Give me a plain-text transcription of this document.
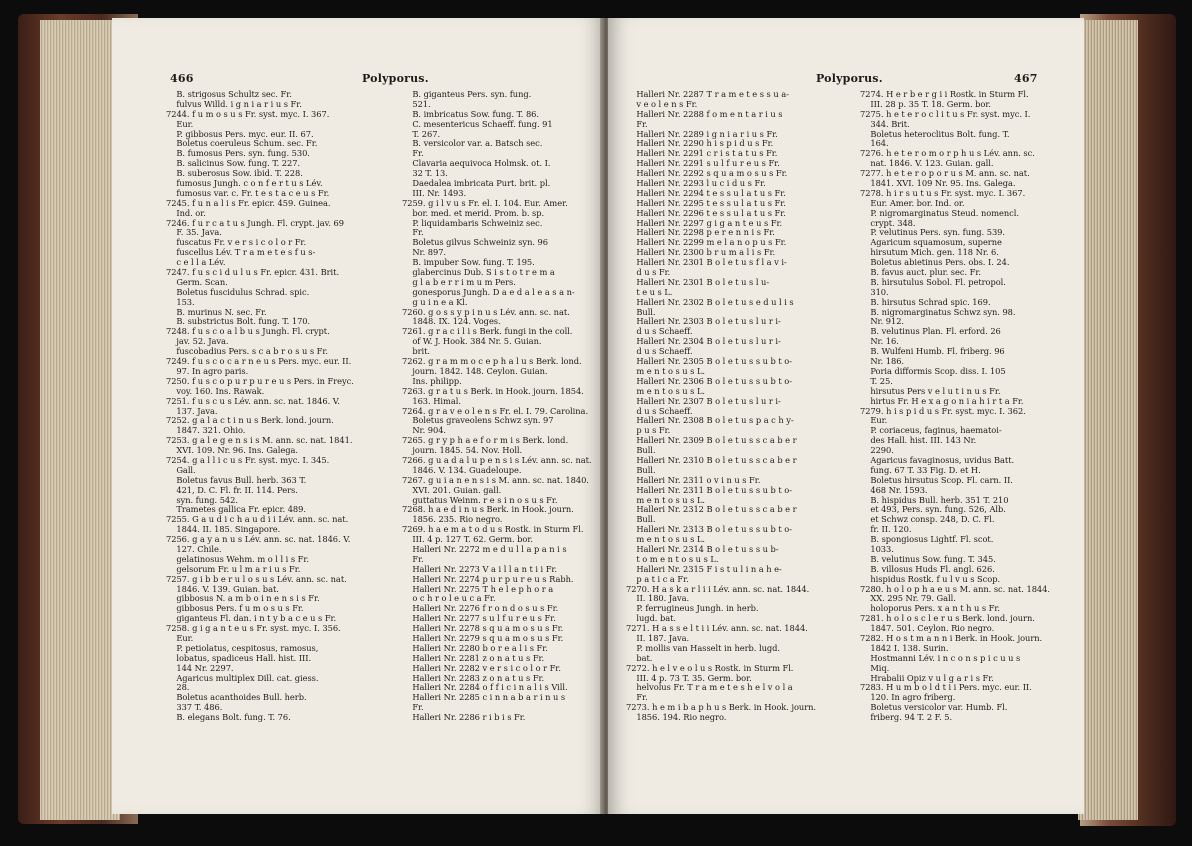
466	Polyporus.
B. strigosus Schultz sec. Fr.
fulvus Willd. i g n i a r i u s Fr.
7244. f u m o s u s Fr. syst. myc. I. 367.
Eur.
P. gibbosus Pers. myc. eur. II. 67.
Boletus coeruleus Schum. sec. Fr.
B. fumosus Pers. syn. fung. 530.
B. salicinus Sow. fung. T. 227.
B. suberosus Sow. ibid. T. 228.
fumosus Jungh. c o n f e r t u s Lév.
fumosus var. c. Fr. t e s t a c e u s Fr.
7245. f u n a l i s Fr. epicr. 459. Guinea.
Ind. or.
7246. f u r c a t u s Jungh. Fl. crypt. jav. 69
F. 35. Java.
fuscatus Fr. v e r s i c o l o r Fr.
fuscellus Lév. T r a m e t e s f u s-
c e l l a Lév.
7247. f u s c i d u l u s Fr. epicr. 431. Brit.
Germ. Scan.
Boletus fuscidulus Schrad. spic.
153.
B. murinus N. sec. Fr.
B. substrictus Bolt. fung. T. 170.
7248. f u s c o a l b u s Jungh. Fl. crypt.
jav. 52. Java.
fuscobadius Pers. s c a b r o s u s Fr.
7249. f u s c o c a r n e u s Pers. myc. eur. II.
97. In agro paris.
7250. f u s c o p u r p u r e u s Pers. in Freyc.
voy. 160. Ins. Rawak.
7251. f u s c u s Lév. ann. sc. nat. 1846. V.
137. Java.
7252. g a l a c t i n u s Berk. lond. journ.
1847. 321. Ohio.
7253. g a l e g e n s i s M. ann. sc. nat. 1841.
XVI. 109. Nr. 96. Ins. Galega.
7254. g a l l i c u s Fr. syst. myc. I. 345.
Gall.
Boletus favus Bull. herb. 363 T.
421, D. C. Fl. fr. II. 114. Pers.
syn. fung. 542.
Trametes gallica Fr. epicr. 489.
7255. G a u d i c h a u d i i Lév. ann. sc. nat.
1844. II. 185. Singapore.
7256. g a y a n u s Lév. ann. sc. nat. 1846. V.
127. Chile.
gelatinosus Wehm. m o l l i s Fr.
gelsorum Fr. u l m a r i u s Fr.
7257. g i b b e r u l o s u s Lév. ann. sc. nat.
1846. V. 139. Guian. bat.
gibbosus N. a m b o i n e n s i s Fr.
gibbosus Pers. f u m o s u s Fr.
giganteus Fl. dan. i n t y b a c e u s Fr.
7258. g i g a n t e u s Fr. syst. myc. I. 356.
Eur.
P. petiolatus, cespitosus, ramosus,
lobatus, spadiceus Hall. hist. III.
144 Nr. 2297.
Agaricus multiplex Dill. cat. giess.
28.
Boletus acanthoides Bull. herb.
337 T. 486.
B. elegans Bolt. fung. T. 76.
B. giganteus Pers. syn. fung.
521.
B. imbricatus Sow. fung. T. 86.
C. mesentericus Schaeff. fung. 91
T. 267.
B. versicolor var. a. Batsch sec.
Fr.
Clavaria aequivoca Holmsk. ot. I.
32 T. 13.
Daedalea imbricata Purt. brit. pl.
III. Nr. 1493.
7259. g i l v u s Fr. el. I. 104. Eur. Amer.
bor. med. et merid. Prom. b. sp.
P. liquidambaris Schweiniz sec.
Fr.
Boletus gilvus Schweiniz syn. 96
Nr. 897.
B. impuber Sow. fung. T. 195.
glabercinus Dub. S i s t o t r e m a
g l a b e r r i m u m Pers.
gonesporus Jungh. D a e d a l e a s a n-
g u i n e a Kl.
7260. g o s s y p i n u s Lév. ann. sc. nat.
1848. IX. 124. Voges.
7261. g r a c i l i s Berk. fungi in the coll.
of W. J. Hook. 384 Nr. 5. Guian.
brit.
7262. g r a m m o c e p h a l u s Berk. lond.
journ. 1842. 148. Ceylon. Guian.
Ins. philipp.
7263. g r a t u s Berk. in Hook. journ. 1854.
163. Himal.
7264. g r a v e o l e n s Fr. el. I. 79. Carolina.
Boletus graveolens Schwz syn. 97
Nr. 904.
7265. g r y p h a e f o r m i s Berk. lond.
journ. 1845. 54. Nov. Holl.
7266. g u a d a l u p e n s i s Lév. ann. sc. nat.
1846. V. 134. Guadeloupe.
7267. g u i a n e n s i s M. ann. sc. nat. 1840.
XVI. 201. Guian. gall.
guttatus Weinm. r e s i n o s u s Fr.
7268. h a e d i n u s Berk. in Hook. journ.
1856. 235. Rio negro.
7269. h a e m a t o d u s Rostk. in Sturm Fl.
III. 4 p. 127 T. 62. Germ. bor.
Halleri Nr. 2272 m e d u l l a p a n i s
Fr.
Halleri Nr. 2273 V a i l l a n t i i Fr.
Halleri Nr. 2274 p u r p u r e u s Rabh.
Halleri Nr. 2275 T h e l e p h o r a
o c h r o l e u c a Fr.
Halleri Nr. 2276 f r o n d o s u s Fr.
Halleri Nr. 2277 s u l f u r e u s Fr.
Halleri Nr. 2278 s q u a m o s u s Fr.
Halleri Nr. 2279 s q u a m o s u s Fr.
Halleri Nr. 2280 b o r e a l i s Fr.
Halleri Nr. 2281 z o n a t u s Fr.
Halleri Nr. 2282 v e r s i c o l o r Fr.
Halleri Nr. 2283 z o n a t u s Fr.
Halleri Nr. 2284 o f f i c i n a l i s Vill.
Halleri Nr. 2285 c i n n a b a r i n u s
Fr.
Halleri Nr. 2286 r i b i s Fr.
Polyporus.	467
Halleri Nr. 2287 T r a m e t e s s u a-
v e o l e n s Fr.
Halleri Nr. 2288 f o m e n t a r i u s
Fr.
Halleri Nr. 2289 i g n i a r i u s Fr.
Halleri Nr. 2290 h i s p i d u s Fr.
Halleri Nr. 2291 c r i s t a t u s Fr.
Halleri Nr. 2291 s u l f u r e u s Fr.
Halleri Nr. 2292 s q u a m o s u s Fr.
Halleri Nr. 2293 l u c i d u s Fr.
Halleri Nr. 2294 t e s s u l a t u s Fr.
Halleri Nr. 2295 t e s s u l a t u s Fr.
Halleri Nr. 2296 t e s s u l a t u s Fr.
Halleri Nr. 2297 g i g a n t e u s Fr.
Halleri Nr. 2298 p e r e n n i s Fr.
Halleri Nr. 2299 m e l a n o p u s Fr.
Halleri Nr. 2300 b r u m a l i s Fr.
Halleri Nr. 2301 B o l e t u s f l a v i-
d u s Fr.
Halleri Nr. 2301 B o l e t u s l u-
t e u s L.
Halleri Nr. 2302 B o l e t u s e d u l i s
Bull.
Halleri Nr. 2303 B o l e t u s l u r i-
d u s Schaeff.
Halleri Nr. 2304 B o l e t u s l u r i-
d u s Schaeff.
Halleri Nr. 2305 B o l e t u s s u b t o-
m e n t o s u s L.
Halleri Nr. 2306 B o l e t u s s u b t o-
m e n t o s u s L.
Halleri Nr. 2307 B o l e t u s l u r i-
d u s Schaeff.
Halleri Nr. 2308 B o l e t u s p a c h y-
p u s Fr.
Halleri Nr. 2309 B o l e t u s s c a b e r
Bull.
Halleri Nr. 2310 B o l e t u s s c a b e r
Bull.
Halleri Nr. 2311 o v i n u s Fr.
Halleri Nr. 2311 B o l e t u s s u b t o-
m e n t o s u s L.
Halleri Nr. 2312 B o l e t u s s c a b e r
Bull.
Halleri Nr. 2313 B o l e t u s s u b t o-
m e n t o s u s L.
Halleri Nr. 2314 B o l e t u s s u b-
t o m e n t o s u s L.
Halleri Nr. 2315 F i s t u l i n a h e-
p a t i c a Fr.
7270. H a s k a r l i i Lév. ann. sc. nat. 1844.
II. 180. Java.
P. ferrugineus Jungh. in herb.
lugd. bat.
7271. H a s s e l t i i Lév. ann. sc. nat. 1844.
II. 187. Java.
P. mollis van Hasselt in herb. lugd.
bat.
7272. h e l v e o l u s Rostk. in Sturm Fl.
III. 4 p. 73 T. 35. Germ. bor.
helvolus Fr. T r a m e t e s h e l v o l a
Fr.
7273. h e m i b a p h u s Berk. in Hook. journ.
1856. 194. Rio negro.
7274. H e r b e r g i i Rostk. in Sturm Fl.
III. 28 p. 35 T. 18. Germ. bor.
7275. h e t e r o c l i t u s Fr. syst. myc. I.
344. Brit.
Boletus heteroclitus Bolt. fung. T.
164.
7276. h e t e r o m o r p h u s Lév. ann. sc.
nat. 1846. V. 123. Guian. gall.
7277. h e t e r o p o r u s M. ann. sc. nat.
1841. XVI. 109 Nr. 95. Ins. Galega.
7278. h i r s u t u s Fr. syst. myc. I. 367.
Eur. Amer. bor. Ind. or.
P. nigromarginatus Steud. nomencl.
crypt. 348.
P. velutinus Pers. syn. fung. 539.
Agaricum squamosum, superne
hirsutum Mich. gen. 118 Nr. 6.
Boletus abietinus Pers. obs. I. 24.
B. favus auct. plur. sec. Fr.
B. hirsutulus Sobol. Fl. petropol.
310.
B. hirsutus Schrad spic. 169.
B. nigromarginatus Schwz syn. 98.
Nr. 912.
B. velutinus Plan. Fl. erford. 26
Nr. 16.
B. Wulfeni Humb. Fl. friberg. 96
Nr. 186.
Poria difformis Scop. diss. I. 105
T. 25.
hirsutus Pers v e l u t i n u s Fr.
hirtus Fr. H e x a g o n i a h i r t a Fr.
7279. h i s p i d u s Fr. syst. myc. I. 362.
Eur.
P. coriaceus, faginus, haematoi-
des Hall. hist. III. 143 Nr.
2290.
Agaricus favaginosus, uvidus Batt.
fung. 67 T. 33 Fig. D. et H.
Boletus hirsutus Scop. Fl. carn. II.
468 Nr. 1593.
B. hispidus Bull. herb. 351 T. 210
et 493, Pers. syn. fung. 526, Alb.
et Schwz consp. 248, D. C. Fl.
fr. II. 120.
B. spongiosus Lightf. Fl. scot.
1033.
B. velutinus Sow. fung. T. 345.
B. villosus Huds Fl. angl. 626.
hispidus Rostk. f u l v u s Scop.
7280. h o l o p h a e u s M. ann. sc. nat. 1844.
XX. 295 Nr. 79. Gall.
holoporus Pers. x a n t h u s Fr.
7281. h o l o s c l e r u s Berk. lond. journ.
1847. 501. Ceylon. Rio negro.
7282. H o s t m a n n i Berk. in Hook. journ.
1842 I. 138. Surin.
Hostmanni Lév. i n c o n s p i c u u s
Miq.
Hrabalii Opiz v u l g a r i s Fr.
7283. H u m b o l d t i i Pers. myc. eur. II.
120. In agro friberg.
Boletus versicolor var. Humb. Fl.
friberg. 94 T. 2 F. 5.
